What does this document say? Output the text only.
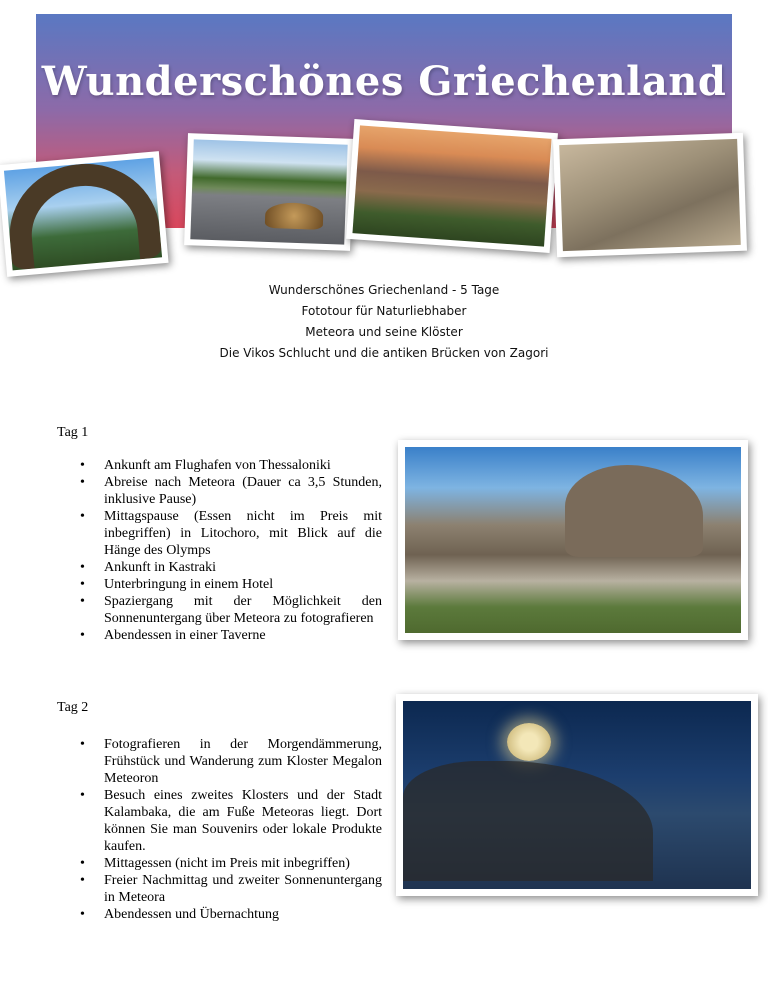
Wunderschönes Griechenland
Wunderschönes Griechenland - 5 Tage
Fototour für Naturliebhaber
Meteora und seine Klöster
Die Vikos Schlucht und die antiken Brücken von Zagori
Tag 1
• Ankunft am Flughafen von Thessaloniki
• Abreise nach Meteora (Dauer ca 3,5 Stunden, inklusive Pause)
• Mittagspause (Essen nicht im Preis mit inbegriffen) in Litochoro, mit Blick auf die Hänge des Olymps
• Ankunft in Kastraki
• Unterbringung in einem Hotel
• Spaziergang mit der Möglichkeit den Sonnenuntergang über Meteora zu fotografieren
• Abendessen in einer Taverne
Tag 2
• Fotografieren in der Morgendämmerung, Frühstück und Wanderung zum Kloster Megalon Meteoron
• Besuch eines zweites Klosters und der Stadt Kalambaka, die am Fuße Meteoras liegt. Dort können Sie man Souvenirs oder lokale Produkte kaufen.
• Mittagessen (nicht im Preis mit inbegriffen)
• Freier Nachmittag und zweiter Sonnenuntergang in Meteora
• Abendessen und Übernachtung
